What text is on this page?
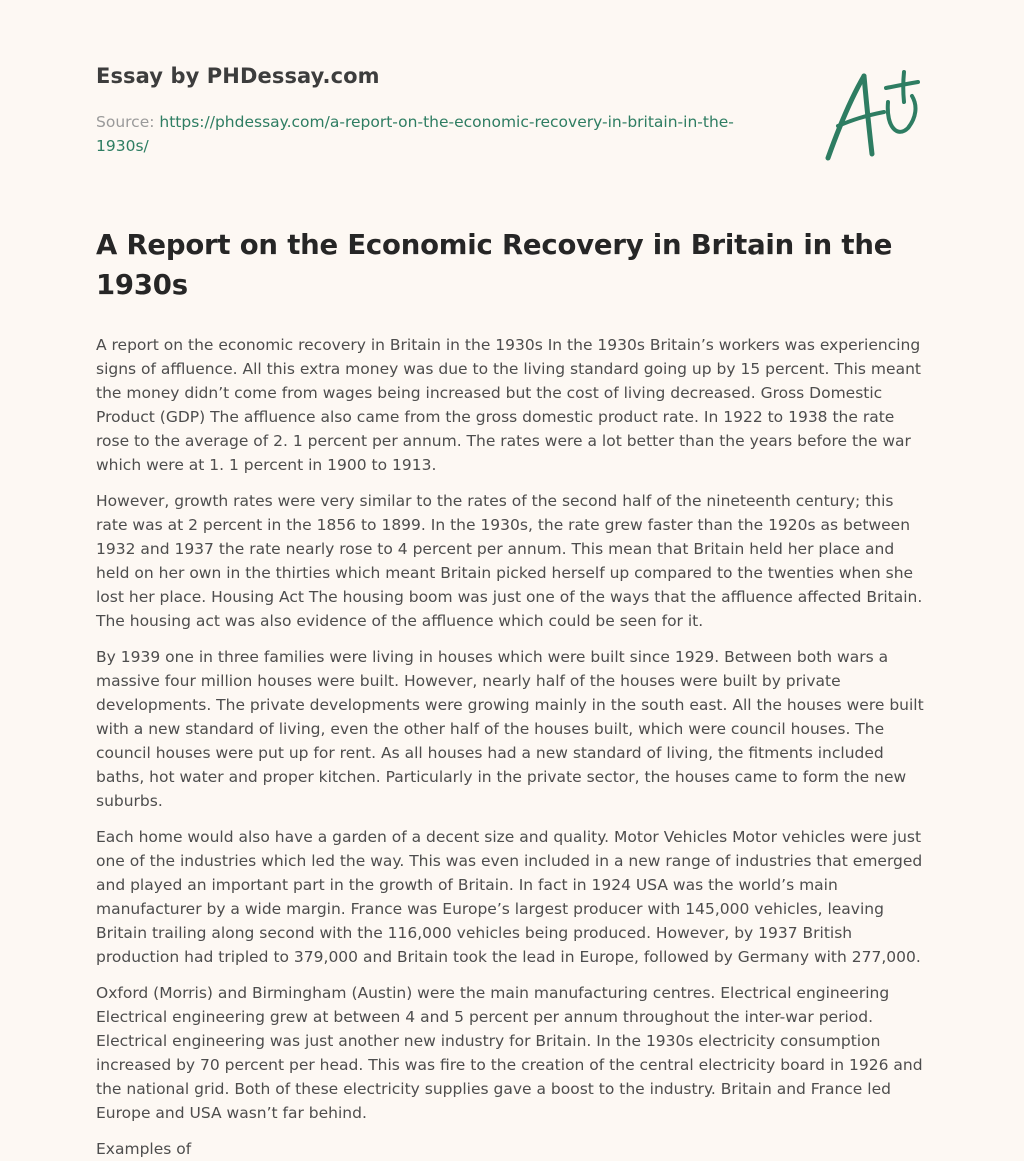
Essay by PHDessay.com
Source: https://phdessay.com/a-report-on-the-economic-recovery-in-britain-in-the-1930s/
A Report on the Economic Recovery in Britain in the 1930s

A report on the economic recovery in Britain in the 1930s In the 1930s Britain’s workers was experiencing signs of affluence. All this extra money was due to the living standard going up by 15 percent. This meant the money didn’t come from wages being increased but the cost of living decreased. Gross Domestic Product (GDP) The affluence also came from the gross domestic product rate. In 1922 to 1938 the rate rose to the average of 2. 1 percent per annum. The rates were a lot better than the years before the war which were at 1. 1 percent in 1900 to 1913.

However, growth rates were very similar to the rates of the second half of the nineteenth century; this rate was at 2 percent in the 1856 to 1899. In the 1930s, the rate grew faster than the 1920s as between 1932 and 1937 the rate nearly rose to 4 percent per annum. This mean that Britain held her place and held on her own in the thirties which meant Britain picked herself up compared to the twenties when she lost her place. Housing Act The housing boom was just one of the ways that the affluence affected Britain. The housing act was also evidence of the affluence which could be seen for it.

By 1939 one in three families were living in houses which were built since 1929. Between both wars a massive four million houses were built. However, nearly half of the houses were built by private developments. The private developments were growing mainly in the south east. All the houses were built with a new standard of living, even the other half of the houses built, which were council houses. The council houses were put up for rent. As all houses had a new standard of living, the fitments included baths, hot water and proper kitchen. Particularly in the private sector, the houses came to form the new suburbs.

Each home would also have a garden of a decent size and quality. Motor Vehicles Motor vehicles were just one of the industries which led the way. This was even included in a new range of industries that emerged and played an important part in the growth of Britain. In fact in 1924 USA was the world’s main manufacturer by a wide margin. France was Europe’s largest producer with 145,000 vehicles, leaving Britain trailing along second with the 116,000 vehicles being produced. However, by 1937 British production had tripled to 379,000 and Britain took the lead in Europe, followed by Germany with 277,000.

Oxford (Morris) and Birmingham (Austin) were the main manufacturing centres. Electrical engineering Electrical engineering grew at between 4 and 5 percent per annum throughout the inter-war period. Electrical engineering was just another new industry for Britain. In the 1930s electricity consumption increased by 70 percent per head. This was fire to the creation of the central electricity board in 1926 and the national grid. Both of these electricity supplies gave a boost to the industry. Britain and France led Europe and USA wasn’t far behind.

Examples of
